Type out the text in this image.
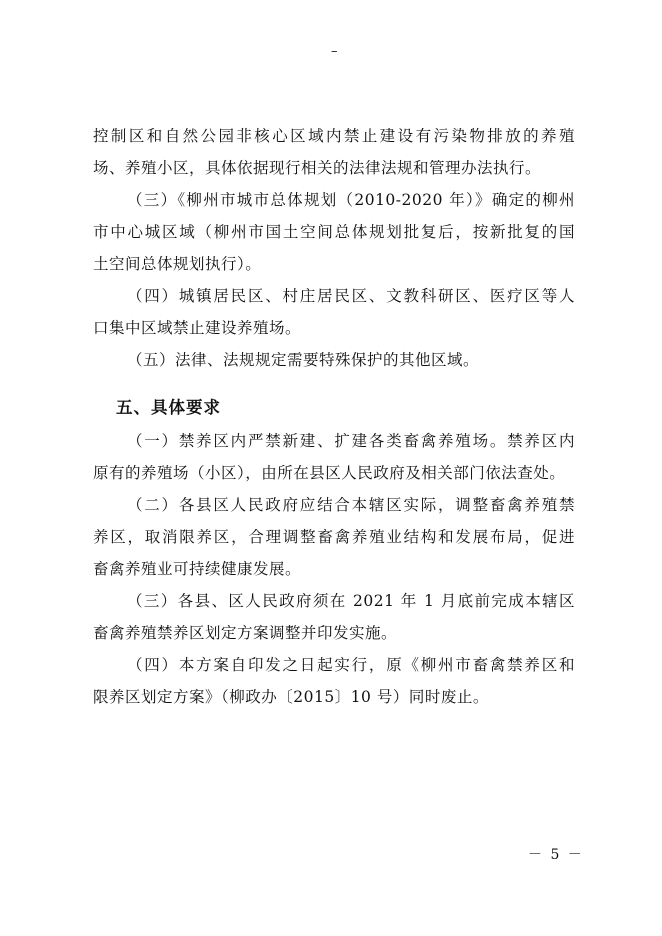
–
控制区和自然公园非核心区域内禁止建设有污染物排放的养殖
场、养殖小区，具体依据现行相关的法律法规和管理办法执行。
（三）《柳州市城市总体规划（2010-2020 年）》确定的柳州
市中心城区域（柳州市国土空间总体规划批复后，按新批复的国
土空间总体规划执行）。
（四）城镇居民区、村庄居民区、文教科研区、医疗区等人
口集中区域禁止建设养殖场。
（五）法律、法规规定需要特殊保护的其他区域。
五、具体要求
（一）禁养区内严禁新建、扩建各类畜禽养殖场。禁养区内
原有的养殖场（小区），由所在县区人民政府及相关部门依法查处。
（二）各县区人民政府应结合本辖区实际，调整畜禽养殖禁
养区，取消限养区，合理调整畜禽养殖业结构和发展布局，促进
畜禽养殖业可持续健康发展。
（三）各县、区人民政府须在 2021 年 1 月底前完成本辖区
畜禽养殖禁养区划定方案调整并印发实施。
（四）本方案自印发之日起实行，原《柳州市畜禽禁养区和
限养区划定方案》（柳政办〔2015〕10 号）同时废止。
－ 5 －
